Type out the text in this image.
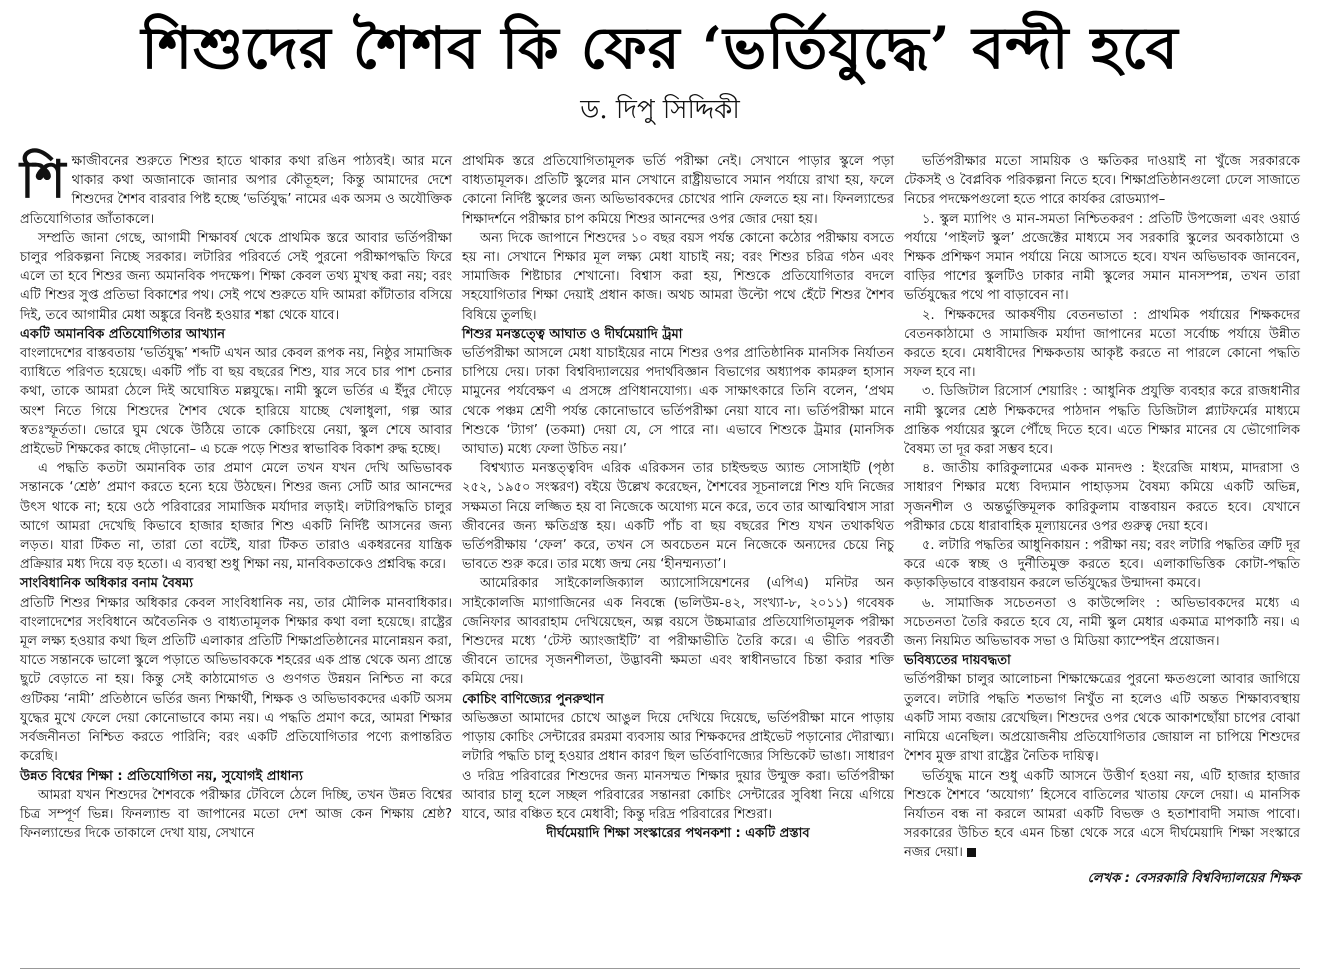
শিশুদের শৈশব কি ফের ‘ভর্তিযুদ্ধে’ বন্দী হবে
ড. দিপু সিদ্দিকী

শিক্ষাজীবনের শুরুতে শিশুর হাতে থাকার কথা রঙিন পাঠ্যবই। আর মনে থাকার কথা অজানাকে জানার অপার কৌতূহল; কিন্তু আমাদের দেশে শিশুদের শৈশব বারবার পিষ্ট হচ্ছে ‘ভর্তিযুদ্ধ’ নামের এক অসম ও অযৌক্তিক প্রতিযোগিতার জাঁতাকলে।

সম্প্রতি জানা গেছে, আগামী শিক্ষাবর্ষ থেকে প্রাথমিক স্তরে আবার ভর্তিপরীক্ষা চালুর পরিকল্পনা নিচ্ছে সরকার। লটারির পরিবর্তে সেই পুরনো পরীক্ষাপদ্ধতি ফিরে এলে তা হবে শিশুর জন্য অমানবিক পদক্ষেপ। শিক্ষা কেবল তথ্য মুখস্থ করা নয়; বরং এটি শিশুর সুপ্ত প্রতিভা বিকাশের পথ। সেই পথে শুরুতে যদি আমরা কাঁটাতার বসিয়ে দিই, তবে আগামীর মেধা অঙ্কুরে বিনষ্ট হওয়ার শঙ্কা থেকে যাবে।

একটি অমানবিক প্রতিযোগিতার আখ্যান

বাংলাদেশের বাস্তবতায় ‘ভর্তিযুদ্ধ’ শব্দটি এখন আর কেবল রূপক নয়, নিষ্ঠুর সামাজিক ব্যাধিতে পরিণত হয়েছে। একটি পাঁচ বা ছয় বছরের শিশু, যার সবে চার পাশ চেনার কথা, তাকে আমরা ঠেলে দিই অঘোষিত মল্লযুদ্ধে। নামী স্কুলে ভর্তির এ ইঁদুর দৌড়ে অংশ নিতে গিয়ে শিশুদের শৈশব থেকে হারিয়ে যাচ্ছে খেলাধুলা, গল্প আর স্বতঃস্ফূর্ততা। ভোরে ঘুম থেকে উঠিয়ে তাকে কোচিংয়ে নেয়া, স্কুল শেষে আবার প্রাইভেট শিক্ষকের কাছে দৌড়ানো– এ চক্রে পড়ে শিশুর স্বাভাবিক বিকাশ রুদ্ধ হচ্ছে।

এ পদ্ধতি কতটা অমানবিক তার প্রমাণ মেলে তখন যখন দেখি অভিভাবক সন্তানকে ‘শ্রেষ্ঠ’ প্রমাণ করতে হন্যে হয়ে উঠছেন। শিশুর জন্য সেটি আর আনন্দের উৎস থাকে না; হয়ে ওঠে পরিবারের সামাজিক মর্যাদার লড়াই। লটারিপদ্ধতি চালুর আগে আমরা দেখেছি কিভাবে হাজার হাজার শিশু একটি নির্দিষ্ট আসনের জন্য লড়ত। যারা টিকত না, তারা তো বটেই, যারা টিকত তারাও একধরনের যান্ত্রিক প্রক্রিয়ার মধ্য দিয়ে বড় হতো। এ ব্যবস্থা শুধু শিক্ষা নয়, মানবিকতাকেও প্রশ্নবিদ্ধ করে।

সাংবিধানিক অধিকার বনাম বৈষম্য

প্রতিটি শিশুর শিক্ষার অধিকার কেবল সাংবিধানিক নয়, তার মৌলিক মানবাধিকার। বাংলাদেশের সংবিধানে অবৈতনিক ও বাধ্যতামূলক শিক্ষার কথা বলা হয়েছে। রাষ্ট্রের মূল লক্ষ্য হওয়ার কথা ছিল প্রতিটি এলাকার প্রতিটি শিক্ষাপ্রতিষ্ঠানের মানোন্নয়ন করা, যাতে সন্তানকে ভালো স্কুলে পড়াতে অভিভাবককে শহরের এক প্রান্ত থেকে অন্য প্রান্তে ছুটে বেড়াতে না হয়। কিন্তু সেই কাঠামোগত ও গুণগত উন্নয়ন নিশ্চিত না করে গুটিকয় ‘নামী’ প্রতিষ্ঠানে ভর্তির জন্য শিক্ষার্থী, শিক্ষক ও অভিভাবকদের একটি অসম যুদ্ধের মুখে ফেলে দেয়া কোনোভাবে কাম্য নয়। এ পদ্ধতি প্রমাণ করে, আমরা শিক্ষার সর্বজনীনতা নিশ্চিত করতে পারিনি; বরং একটি প্রতিযোগিতার পণ্যে রূপান্তরিত করেছি।

উন্নত বিশ্বের শিক্ষা : প্রতিযোগিতা নয়, সুযোগই প্রাধান্য

আমরা যখন শিশুদের শৈশবকে পরীক্ষার টেবিলে ঠেলে দিচ্ছি, তখন উন্নত বিশ্বের চিত্র সম্পূর্ণ ভিন্ন। ফিনল্যান্ড বা জাপানের মতো দেশ আজ কেন শিক্ষায় শ্রেষ্ঠ? ফিনল্যান্ডের দিকে তাকালে দেখা যায়, সেখানে

প্রাথমিক স্তরে প্রতিযোগিতামূলক ভর্তি পরীক্ষা নেই। সেখানে পাড়ার স্কুলে পড়া বাধ্যতামূলক। প্রতিটি স্কুলের মান সেখানে রাষ্ট্রীয়ভাবে সমান পর্যায়ে রাখা হয়, ফলে কোনো নির্দিষ্ট স্কুলের জন্য অভিভাবকদের চোখের পানি ফেলতে হয় না। ফিনল্যান্ডের শিক্ষাদর্শনে পরীক্ষার চাপ কমিয়ে শিশুর আনন্দের ওপর জোর দেয়া হয়।

অন্য দিকে জাপানে শিশুদের ১০ বছর বয়স পর্যন্ত কোনো কঠোর পরীক্ষায় বসতে হয় না। সেখানে শিক্ষার মূল লক্ষ্য মেধা যাচাই নয়; বরং শিশুর চরিত্র গঠন এবং সামাজিক শিষ্টাচার শেখানো। বিশ্বাস করা হয়, শিশুকে প্রতিযোগিতার বদলে সহযোগিতার শিক্ষা দেয়াই প্রধান কাজ। অথচ আমরা উল্টো পথে হেঁটে শিশুর শৈশব বিষিয়ে তুলছি।

শিশুর মনস্তত্ত্বে আঘাত ও দীর্ঘমেয়াদি ট্রমা

ভর্তিপরীক্ষা আসলে মেধা যাচাইয়ের নামে শিশুর ওপর প্রাতিষ্ঠানিক মানসিক নির্যাতন চাপিয়ে দেয়। ঢাকা বিশ্ববিদ্যালয়ের পদার্থবিজ্ঞান বিভাগের অধ্যাপক কামরুল হাসান মামুনের পর্যবেক্ষণ এ প্রসঙ্গে প্রণিধানযোগ্য। এক সাক্ষাৎকারে তিনি বলেন, ‘প্রথম থেকে পঞ্চম শ্রেণী পর্যন্ত কোনোভাবে ভর্তিপরীক্ষা নেয়া যাবে না। ভর্তিপরীক্ষা মানে শিশুকে ‘ট্যাগ’ (তকমা) দেয়া যে, সে পারে না। এভাবে শিশুকে ট্রমার (মানসিক আঘাত) মধ্যে ফেলা উচিত নয়।’

বিশ্বখ্যাত মনস্তত্ত্ববিদ এরিক এরিকসন তার চাইল্ডহুড অ্যান্ড সোসাইটি (পৃষ্ঠা ২৫২, ১৯৫০ সংস্করণ) বইয়ে উল্লেখ করেছেন, শৈশবের সূচনালগ্নে শিশু যদি নিজের সক্ষমতা নিয়ে লজ্জিত হয় বা নিজেকে অযোগ্য মনে করে, তবে তার আত্মবিশ্বাস সারা জীবনের জন্য ক্ষতিগ্রস্ত হয়। একটি পাঁচ বা ছয় বছরের শিশু যখন তথাকথিত ভর্তিপরীক্ষায় ‘ফেল’ করে, তখন সে অবচেতন মনে নিজেকে অন্যদের চেয়ে নিচু ভাবতে শুরু করে। তার মধ্যে জন্ম নেয় ‘হীনম্মন্যতা’।

আমেরিকার সাইকোলজিক্যাল অ্যাসোসিয়েশনের (এপিএ) মনিটর অন সাইকোলজি ম্যাগাজিনের এক নিবন্ধে (ভলিউম-৪২, সংখ্যা-৮, ২০১১) গবেষক জেনিফার আবরাহাম দেখিয়েছেন, অল্প বয়সে উচ্চমাত্রার প্রতিযোগিতামূলক পরীক্ষা শিশুদের মধ্যে ‘টেস্ট অ্যাংজাইটি’ বা পরীক্ষাভীতি তৈরি করে। এ ভীতি পরবর্তী জীবনে তাদের সৃজনশীলতা, উদ্ভাবনী ক্ষমতা এবং স্বাধীনভাবে চিন্তা করার শক্তি কমিয়ে দেয়।

কোচিং বাণিজ্যের পুনরুত্থান

অভিজ্ঞতা আমাদের চোখে আঙুল দিয়ে দেখিয়ে দিয়েছে, ভর্তিপরীক্ষা মানে পাড়ায় পাড়ায় কোচিং সেন্টারের রমরমা ব্যবসায় আর শিক্ষকদের প্রাইভেট পড়ানোর দৌরাত্ম্য। লটারি পদ্ধতি চালু হওয়ার প্রধান কারণ ছিল ভর্তিবাণিজ্যের সিন্ডিকেট ভাঙা। সাধারণ ও দরিদ্র পরিবারের শিশুদের জন্য মানসম্মত শিক্ষার দুয়ার উন্মুক্ত করা। ভর্তিপরীক্ষা আবার চালু হলে সচ্ছল পরিবারের সন্তানরা কোচিং সেন্টারের সুবিধা নিয়ে এগিয়ে যাবে, আর বঞ্চিত হবে মেধাবী; কিন্তু দরিদ্র পরিবারের শিশুরা।

দীর্ঘমেয়াদি শিক্ষা সংস্কারের পথনকশা : একটি প্রস্তাব

ভর্তিপরীক্ষার মতো সাময়িক ও ক্ষতিকর দাওয়াই না খুঁজে সরকারকে টেকসই ও বৈপ্লবিক পরিকল্পনা নিতে হবে। শিক্ষাপ্রতিষ্ঠানগুলো ঢেলে সাজাতে নিচের পদক্ষেপগুলো হতে পারে কার্যকর রোডম্যাপ–

১. স্কুল ম্যাপিং ও মান-সমতা নিশ্চিতকরণ : প্রতিটি উপজেলা এবং ওয়ার্ড পর্যায়ে ‘পাইলট স্কুল’ প্রজেক্টের মাধ্যমে সব সরকারি স্কুলের অবকাঠামো ও শিক্ষক প্রশিক্ষণ সমান পর্যায়ে নিয়ে আসতে হবে। যখন অভিভাবক জানবেন, বাড়ির পাশের স্কুলটিও ঢাকার নামী স্কুলের সমান মানসম্পন্ন, তখন তারা ভর্তিযুদ্ধের পথে পা বাড়াবেন না।

২. শিক্ষকদের আকর্ষণীয় বেতনভাতা : প্রাথমিক পর্যায়ের শিক্ষকদের বেতনকাঠামো ও সামাজিক মর্যাদা জাপানের মতো সর্বোচ্চ পর্যায়ে উন্নীত করতে হবে। মেধাবীদের শিক্ষকতায় আকৃষ্ট করতে না পারলে কোনো পদ্ধতি সফল হবে না।

৩. ডিজিটাল রিসোর্স শেয়ারিং : আধুনিক প্রযুক্তি ব্যবহার করে রাজধানীর নামী স্কুলের শ্রেষ্ঠ শিক্ষকদের পাঠদান পদ্ধতি ডিজিটাল প্ল্যাটফর্মের মাধ্যমে প্রান্তিক পর্যায়ের স্কুলে পৌঁছে দিতে হবে। এতে শিক্ষার মানের যে ভৌগোলিক বৈষম্য তা দূর করা সম্ভব হবে।

৪. জাতীয় কারিকুলামের একক মানদণ্ড : ইংরেজি মাধ্যম, মাদরাসা ও সাধারণ শিক্ষার মধ্যে বিদ্যমান পাহাড়সম বৈষম্য কমিয়ে একটি অভিন্ন, সৃজনশীল ও অন্তর্ভুক্তিমূলক কারিকুলাম বাস্তবায়ন করতে হবে। যেখানে পরীক্ষার চেয়ে ধারাবাহিক মূল্যায়নের ওপর গুরুত্ব দেয়া হবে।

৫. লটারি পদ্ধতির আধুনিকায়ন : পরীক্ষা নয়; বরং লটারি পদ্ধতির ত্রুটি দূর করে একে স্বচ্ছ ও দুর্নীতিমুক্ত করতে হবে। এলাকাভিত্তিক কোটা-পদ্ধতি কড়াকড়িভাবে বাস্তবায়ন করলে ভর্তিযুদ্ধের উন্মাদনা কমবে।

৬. সামাজিক সচেতনতা ও কাউন্সেলিং : অভিভাবকদের মধ্যে এ সচেতনতা তৈরি করতে হবে যে, নামী স্কুল মেধার একমাত্র মাপকাঠি নয়। এ জন্য নিয়মিত অভিভাবক সভা ও মিডিয়া ক্যাম্পেইন প্রয়োজন।

ভবিষ্যতের দায়বদ্ধতা

ভর্তিপরীক্ষা চালুর আলোচনা শিক্ষাক্ষেত্রের পুরনো ক্ষতগুলো আবার জাগিয়ে তুলবে। লটারি পদ্ধতি শতভাগ নিখুঁত না হলেও এটি অন্তত শিক্ষাব্যবস্থায় একটি সাম্য বজায় রেখেছিল। শিশুদের ওপর থেকে আকাশছোঁয়া চাপের বোঝা নামিয়ে এনেছিল। অপ্রয়োজনীয় প্রতিযোগিতার জোয়াল না চাপিয়ে শিশুদের শৈশব মুক্ত রাখা রাষ্ট্রের নৈতিক দায়িত্ব।

ভর্তিযুদ্ধ মানে শুধু একটি আসনে উত্তীর্ণ হওয়া নয়, এটি হাজার হাজার শিশুকে শৈশবে ‘অযোগ্য’ হিসেবে বাতিলের খাতায় ফেলে দেয়া। এ মানসিক নির্যাতন বন্ধ না করলে আমরা একটি বিভক্ত ও হতাশাবাদী সমাজ পাবো। সরকারের উচিত হবে এমন চিন্তা থেকে সরে এসে দীর্ঘমেয়াদি শিক্ষা সংস্কারে নজর দেয়া।

লেখক : বেসরকারি বিশ্ববিদ্যালয়ের শিক্ষক
